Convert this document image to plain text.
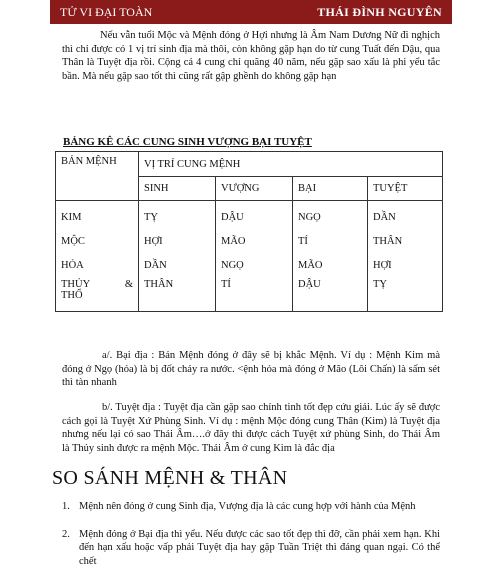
TỬ VI ĐẠI TOÀN	THÁI ĐÌNH NGUYÊN

Nếu vẫn tuổi Mộc và Mệnh đóng ở Hợi nhưng là Âm Nam Dương Nữ đi nghịch thì chỉ được có 1 vị trí sinh địa mà thôi, còn không gặp hạn do từ cung Tuất đến Dậu, qua Thân là Tuyệt địa rồi. Cộng cả 4 cung chỉ quãng 40 năm, nếu gặp sao xấu là phi yểu tắc bần. Mà nếu gặp sao tốt thì cũng rất gập ghềnh do không gặp hạn

BẢNG KÊ CÁC CUNG SINH VƯỢNG BẠI TUYỆT
BẢN MỆNH	VỊ TRÍ CUNG MỆNH			
	SINH	VƯỢNG	BẠI	TUYỆT
KIM	TỴ	DẬU	NGỌ	DẦN
MỘC	HỢI	MÃO	TÍ	THÂN
HỎA	DẦN	NGỌ	MÃO	HỢI

THỦY &
THỔ	THÂN	TÍ	DẬU	TỴ

a/. Bại địa : Bản Mệnh đóng ở đây sẽ bị khắc Mệnh. Ví dụ : Mệnh Kim mà đóng ở Ngọ (hỏa) là bị đốt cháy ra nước. <ệnh hỏa mà đóng ở Mão (Lôi Chấn) là sấm sét thì tàn nhanh

b/. Tuyệt địa : Tuyệt địa cần gặp sao chính tinh tốt đẹp cứu giải. Lúc ấy sẽ được cách gọi là Tuyệt Xứ Phùng Sinh. Ví dụ : mệnh Mộc đóng cung Thân (Kim) là Tuyệt địa nhưng nếu lại có sao Thái Âm….ở đây thì được cách Tuyệt xứ phùng Sinh, do Thái Âm là Thủy sinh được ra mệnh Mộc. Thái Âm ở cung Kim là đắc địa

SO SÁNH MỆNH & THÂN
1. Mệnh nên đóng ở cung Sinh địa, Vượng địa là các cung hợp với hành của Mệnh
2. Mệnh đóng ở Bại địa thì yểu. Nếu được các sao tốt đẹp thì đỡ, cần phải xem hạn. Khi đến hạn xấu hoặc vấp phải Tuyệt địa hay gặp Tuần Triệt thì đáng quan ngại. Có thể chết
